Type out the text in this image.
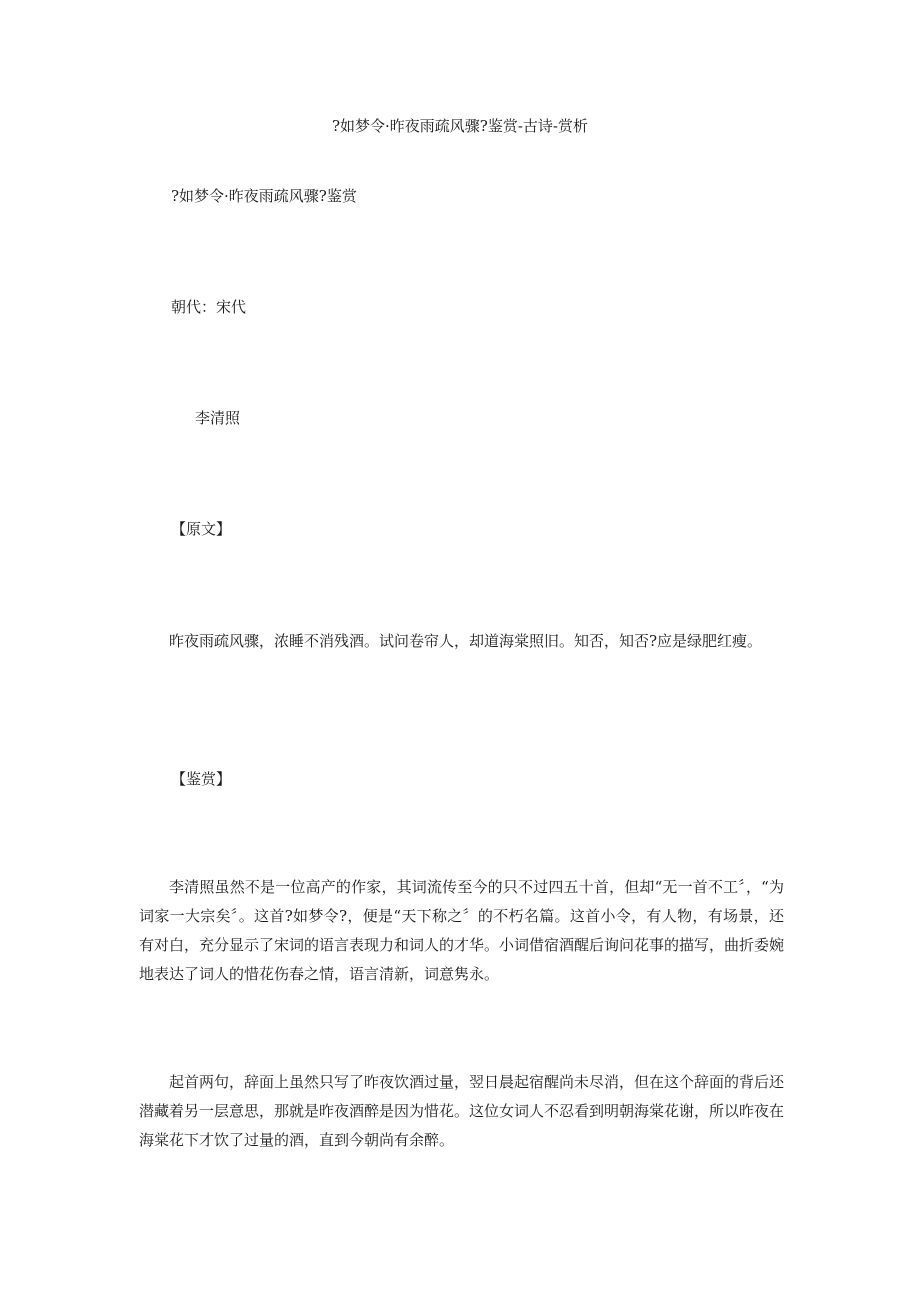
?如梦令·昨夜雨疏风骤?鉴赏-古诗-赏析
?如梦令·昨夜雨疏风骤?鉴赏
朝代：宋代
李清照
【原文】

昨夜雨疏风骤，浓睡不消残酒。试问卷帘人，却道海棠照旧。知否，知否?应是绿肥红瘦。

【鉴赏】

李清照虽然不是一位高产的作家，其词流传至今的只不过四五十首，但却“无一首不工〞，“为词家一大宗矣〞。这首?如梦令?，便是“天下称之〞的不朽名篇。这首小令，有人物，有场景，还有对白，充分显示了宋词的语言表现力和词人的才华。小词借宿酒醒后询问花事的描写，曲折委婉地表达了词人的惜花伤春之情，语言清新，词意隽永。

起首两句，辞面上虽然只写了昨夜饮酒过量，翌日晨起宿醒尚未尽消，但在这个辞面的背后还潜藏着另一层意思，那就是昨夜酒醉是因为惜花。这位女词人不忍看到明朝海棠花谢，所以昨夜在海棠花下才饮了过量的酒，直到今朝尚有余醉。
